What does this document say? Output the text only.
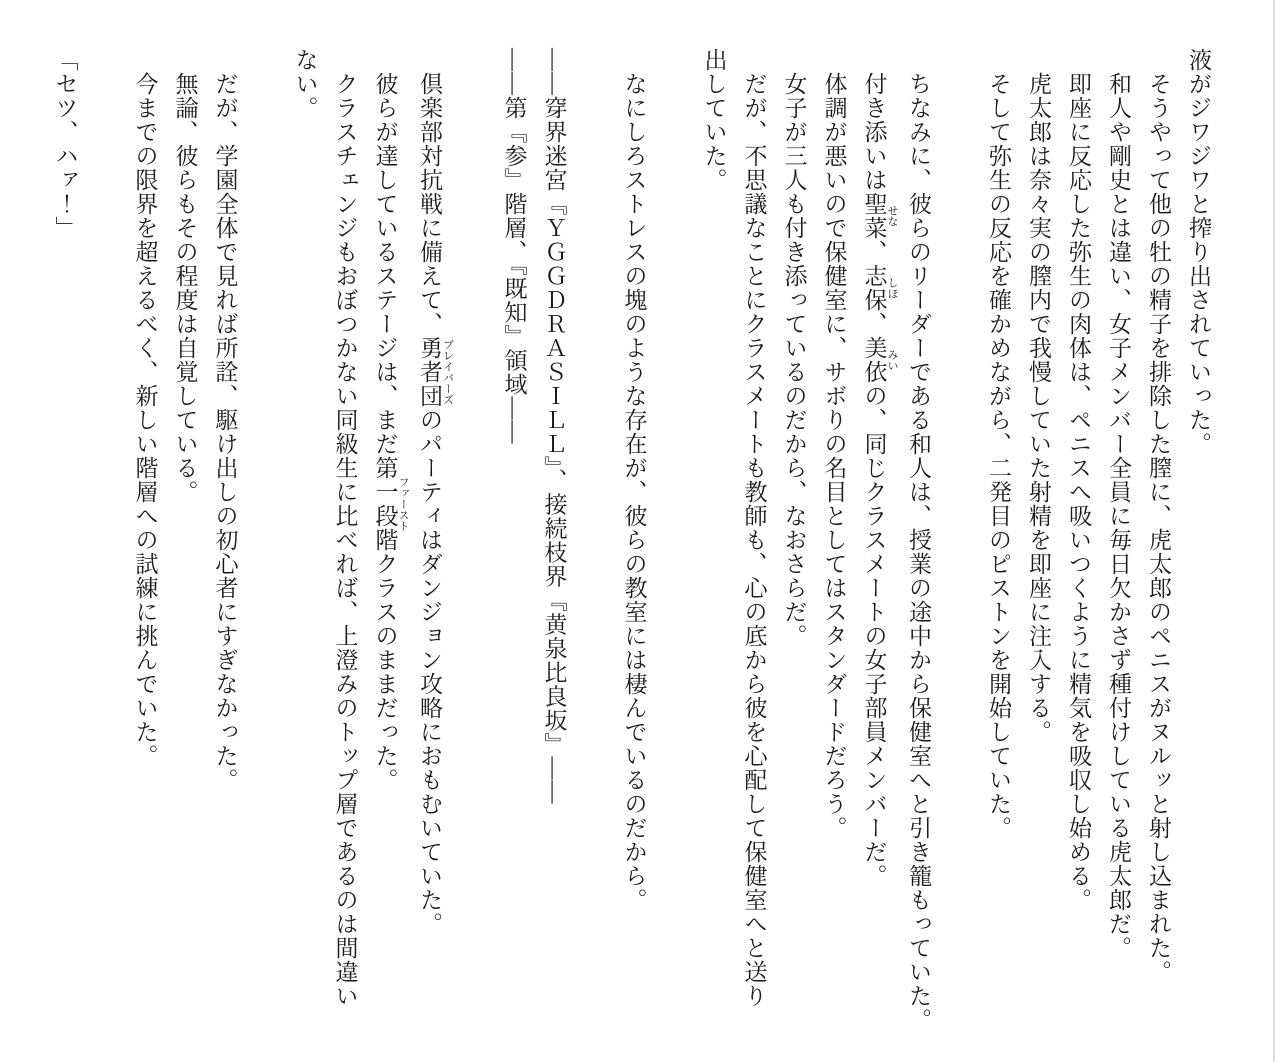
液がジワジワと搾り出されていった。

　そうやって他の牡の精子を排除した膣に、虎太郎のペニスがヌルッと射し込まれた。

　和人や剛史とは違い、女子メンバー全員に毎日欠かさず種付けしている虎太郎だ。

　即座に反応した弥生の肉体は、ペニスへ吸いつくように精気を吸収し始める。

　虎太郎は奈々実の膣内で我慢していた射精を即座に注入する。

　そして弥生の反応を確かめながら、二発目のピストンを開始していた。

　ちなみに、彼らのリーダーである和人は、授業の途中から保健室へと引き籠もっていた。

　付き添いは聖菜 せな、志保 しほ、美依 みいの、同じクラスメートの女子部員メンバーだ。

　体調が悪いので保健室に、サボりの名目としてはスタンダードだろう。

　女子が三人も付き添っているのだから、なおさらだ。

　だが、不思議なことにクラスメートも教師も、心の底から彼を心配して保健室へと送り

出していた。

　なにしろストレスの塊のような存在が、彼らの教室には棲んでいるのだから。

――穿界迷宮『ＹＧＧＤＲＡＳＩＬＬ』、接続枝界『黄泉比良坂』――

――第『参』階層、『既知』領域――

　倶楽部対抗戦に備えて、勇者団 ブレイバーズのパーティはダンジョン攻略におもむいていた。

　彼らが達しているステージは、まだ第一段階 ファーストクラスのままだった。

　クラスチェンジもおぼつかない同級生に比べれば、上澄みのトップ層であるのは間違い

ない。

　だが、学園全体で見れば所詮、駆け出しの初心者にすぎなかった。

　無論、彼らもその程度は自覚している。

　今までの限界を超えるべく、新しい階層への試練に挑んでいた。

「セツ、ハァ！」
